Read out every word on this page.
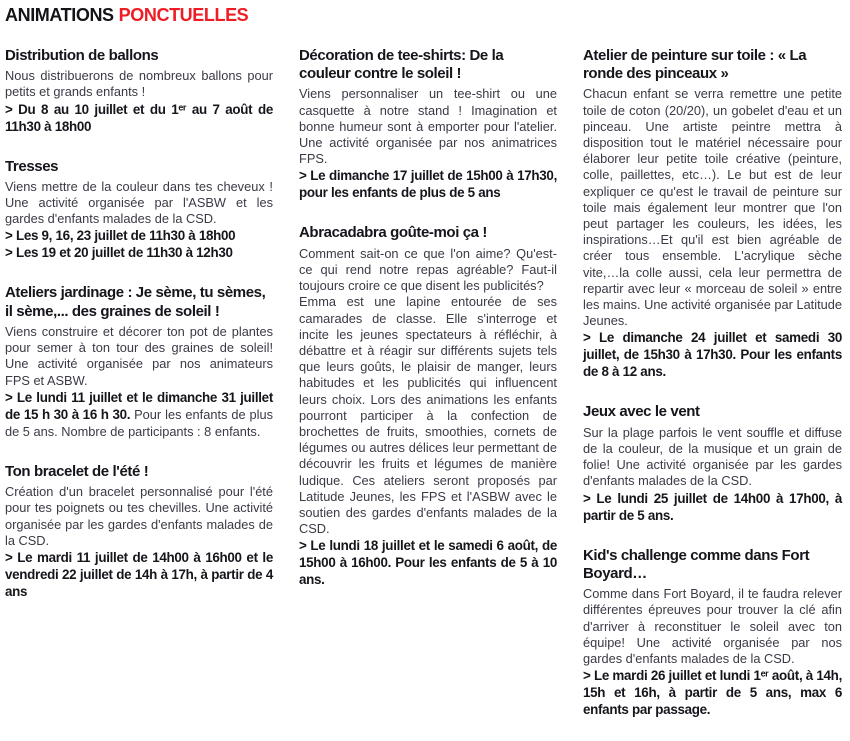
ANIMATIONS PONCTUELLES
Distribution de ballons

Nous distribuerons de nombreux ballons pour petits et grands enfants !

> Du 8 au 10 juillet et du 1ᵉʳ au 7 août de 11h30 à 18h00

Tresses

Viens mettre de la couleur dans tes cheveux ! Une activité organisée par l'ASBW et les gardes d'enfants malades de la CSD.

> Les 9, 16, 23 juillet de 11h30 à 18h00

> Les 19 et 20 juillet de 11h30 à 12h30

Ateliers jardinage : Je sème, tu sèmes, il sème,... des graines de soleil !

Viens construire et décorer ton pot de plantes pour semer à ton tour des graines de soleil! Une activité organisée par nos animateurs FPS et ASBW.

> Le lundi 11 juillet et le dimanche 31 juillet de 15 h 30 à 16 h 30. Pour les enfants de plus de 5 ans. Nombre de participants : 8 enfants.

Ton bracelet de l'été !

Création d'un bracelet personnalisé pour l'été pour tes poignets ou tes chevilles. Une activité organisée par les gardes d'enfants malades de la CSD.

> Le mardi 11 juillet de 14h00 à 16h00 et le vendredi 22 juillet de 14h à 17h, à partir de 4 ans

Décoration de tee-shirts: De la couleur contre le soleil !

Viens personnaliser un tee-shirt ou une casquette à notre stand ! Imagination et bonne humeur sont à emporter pour l'atelier. Une activité organisée par nos animatrices FPS.

> Le dimanche 17 juillet de 15h00 à 17h30, pour les enfants de plus de 5 ans

Abracadabra goûte-moi ça !

Comment sait-on ce que l'on aime? Qu'est-ce qui rend notre repas agréable? Faut-il toujours croire ce que disent les publicités?

Emma est une lapine entourée de ses camarades de classe. Elle s'interroge et incite les jeunes spectateurs à réfléchir, à débattre et à réagir sur différents sujets tels que leurs goûts, le plaisir de manger, leurs habitudes et les publicités qui influencent leurs choix. Lors des animations les enfants pourront participer à la confection de brochettes de fruits, smoothies, cornets de légumes ou autres délices leur permettant de découvrir les fruits et légumes de manière ludique. Ces ateliers seront proposés par Latitude Jeunes, les FPS et l'ASBW avec le soutien des gardes d'enfants malades de la CSD.

> Le lundi 18 juillet et le samedi 6 août, de 15h00 à 16h00. Pour les enfants de 5 à 10 ans.

Atelier de peinture sur toile : « La ronde des pinceaux »

Chacun enfant se verra remettre une petite toile de coton (20/20), un gobelet d'eau et un pinceau. Une artiste peintre mettra à disposition tout le matériel nécessaire pour élaborer leur petite toile créative (peinture, colle, paillettes, etc…). Le but est de leur expliquer ce qu'est le travail de peinture sur toile mais également leur montrer que l'on peut partager les couleurs, les idées, les inspirations…Et qu'il est bien agréable de créer tous ensemble. L'acrylique sèche vite,…la colle aussi, cela leur permettra de repartir avec leur « morceau de soleil » entre les mains. Une activité organisée par Latitude Jeunes.

> Le dimanche 24 juillet et samedi 30 juillet, de 15h30 à 17h30. Pour les enfants de 8 à 12 ans.

Jeux avec le vent

Sur la plage parfois le vent souffle et diffuse de la couleur, de la musique et un grain de folie! Une activité organisée par les gardes d'enfants malades de la CSD.

> Le lundi 25 juillet de 14h00 à 17h00, à partir de 5 ans.

Kid's challenge comme dans Fort Boyard…

Comme dans Fort Boyard, il te faudra relever différentes épreuves pour trouver la clé afin d'arriver à reconstituer le soleil avec ton équipe! Une activité organisée par nos gardes d'enfants malades de la CSD.

> Le mardi 26 juillet et lundi 1ᵉʳ août, à 14h, 15h et 16h, à partir de 5 ans, max 6 enfants par passage.
